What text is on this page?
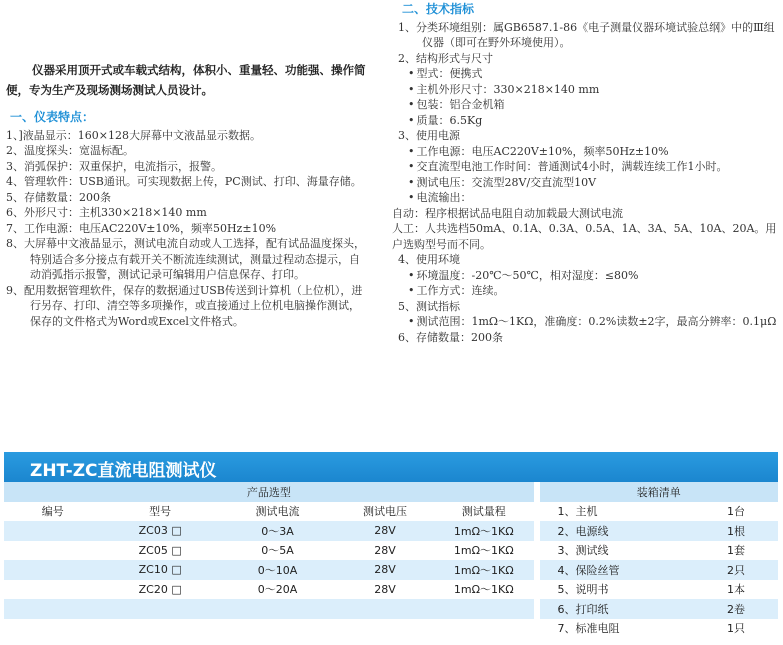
仪器采用顶开式或车载式结构，体积小、重量轻、功能强、操作简便，专为生产及现场测场测试人员设计。

一、仪表特点：

1、]液晶显示：160×128大屏幕中文液晶显示数据。

2、温度探头：宽温标配。

3、消弧保护：双重保护，电流指示，报警。

4、管理软件：USB通讯。可实现数据上传，PC测试、打印、海量存储。

5、存储数量：200条

6、外形尺寸：主机330×218×140 mm

7、工作电源：电压AC220V±10%，频率50Hz±10%

8、大屏幕中文液晶显示，测试电流自动或人工选择，配有试品温度探头，特别适合多分接点有载开关不断流连续测试，测量过程动态提示，自动消弧指示报警，测试记录可编辑用户信息保存、打印。

9、配用数据管理软件，保存的数据通过USB传送到计算机（上位机），进行另存、打印、清空等多项操作，或直接通过上位机电脑操作测试，保存的文件格式为Word或Excel文件格式。

二、技术指标

1、分类环境组别：属GB6587.1-86《电子测量仪器环境试验总纲》中的Ⅲ组仪器（即可在野外环境使用）。

2、结构形式与尺寸

• 型式：便携式

• 主机外形尺寸：330×218×140 mm

• 包装：铝合金机箱

• 质量：6.5Kg

3、使用电源

• 工作电源：电压AC220V±10%，频率50Hz±10%

• 交直流型电池工作时间：普通测试4小时，满载连续工作1小时。

• 测试电压：交流型28V/交直流型10V

• 电流输出：

自动：程序根据试品电阻自动加载最大测试电流

人工：人共选档50mA、0.1A、0.3A、0.5A、1A、3A、5A、10A、20A。用户选购型号而不同。

4、使用环境

• 环境温度：-20℃～50℃，相对湿度：≤80%

• 工作方式：连续。

5、测试指标

• 测试范围：1mΩ～1KΩ，准确度：0.2%读数±2字，最高分辨率：0.1μΩ

6、存储数量：200条

ZHT-ZC直流电阻测试仪
产品选型						装箱清单	
编号	型号	测试电流	测试电压	测试量程		1、主机	1台
	ZC03 □	0～3A	28V	1mΩ～1KΩ		2、电源线	1根
	ZC05 □	0～5A	28V	1mΩ～1KΩ		3、测试线	1套
	ZC10 □	0～10A	28V	1mΩ～1KΩ		4、保险丝管	2只
	ZC20 □	0～20A	28V	1mΩ～1KΩ		5、说明书	1本
						6、打印纸	2卷
						7、标准电阻	1只
